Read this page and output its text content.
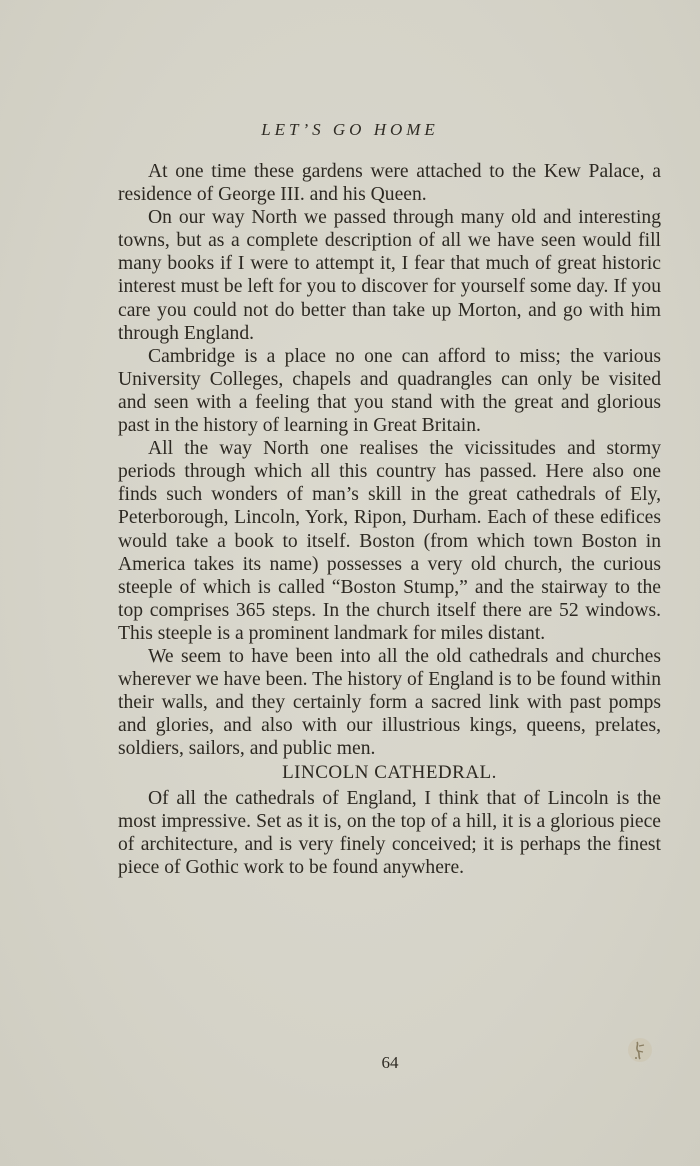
LET’S GO HOME

At one time these gardens were attached to the Kew Palace, a residence of George III. and his Queen.

On our way North we passed through many old and interesting towns, but as a complete description of all we have seen would fill many books if I were to attempt it, I fear that much of great historic interest must be left for you to discover for yourself some day. If you care you could not do better than take up Morton, and go with him through England.

Cambridge is a place no one can afford to miss; the various University Colleges, chapels and quadrangles can only be visited and seen with a feeling that you stand with the great and glorious past in the history of learning in Great Britain.

All the way North one realises the vicissitudes and stormy periods through which all this country has passed. Here also one finds such wonders of man’s skill in the great cathedrals of Ely, Peterborough, Lincoln, York, Ripon, Durham. Each of these edifices would take a book to itself. Boston (from which town Boston in America takes its name) possesses a very old church, the curious steeple of which is called “Boston Stump,” and the stairway to the top comprises 365 steps. In the church itself there are 52 windows. This steeple is a prominent landmark for miles distant.

We seem to have been into all the old cathedrals and churches wherever we have been. The history of England is to be found within their walls, and they certainly form a sacred link with past pomps and glories, and also with our illustrious kings, queens, prelates, soldiers, sailors, and public men.

LINCOLN CATHEDRAL.

Of all the cathedrals of England, I think that of Lincoln is the most impressive. Set as it is, on the top of a hill, it is a glorious piece of architecture, and is very finely conceived; it is perhaps the finest piece of Gothic work to be found anywhere.

64
